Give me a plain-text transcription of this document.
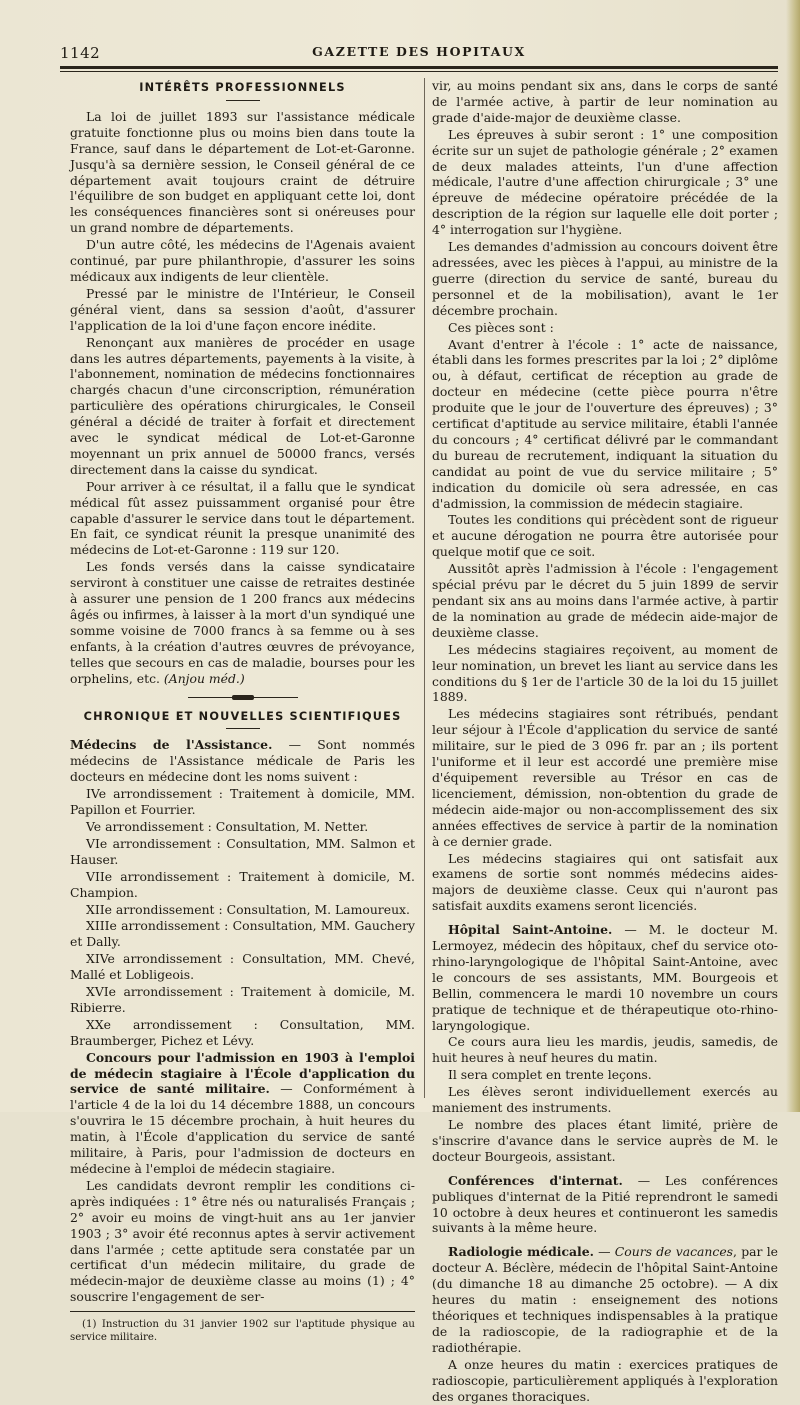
1142	GAZETTE DES HOPITAUX
INTÉRÊTS PROFESSIONNELS

La loi de juillet 1893 sur l'assistance médicale gratuite fonctionne plus ou moins bien dans toute la France, sauf dans le département de Lot-et-Garonne. Jusqu'à sa dernière session, le Conseil général de ce département avait toujours craint de détruire l'équilibre de son budget en appliquant cette loi, dont les conséquences financières sont si onéreuses pour un grand nombre de départements.

D'un autre côté, les médecins de l'Agenais avaient continué, par pure philanthropie, d'assurer les soins médicaux aux indigents de leur clientèle.

Pressé par le ministre de l'Intérieur, le Conseil général vient, dans sa session d'août, d'assurer l'application de la loi d'une façon encore inédite.

Renonçant aux manières de procéder en usage dans les autres départements, payements à la visite, à l'abonnement, nomination de médecins fonctionnaires chargés chacun d'une circonscription, rémunération particulière des opérations chirurgicales, le Conseil général a décidé de traiter à forfait et directement avec le syndicat médical de Lot-et-Garonne moyennant un prix annuel de 50000 francs, versés directement dans la caisse du syndicat.

Pour arriver à ce résultat, il a fallu que le syndicat médical fût assez puissamment organisé pour être capable d'assurer le service dans tout le département. En fait, ce syndicat réunit la presque unanimité des médecins de Lot-et-Garonne : 119 sur 120.

Les fonds versés dans la caisse syndicataire serviront à constituer une caisse de retraites destinée à assurer une pension de 1 200 francs aux médecins âgés ou infirmes, à laisser à la mort d'un syndiqué une somme voisine de 7000 francs à sa femme ou à ses enfants, à la création d'autres œuvres de prévoyance, telles que secours en cas de maladie, bourses pour les orphelins, etc. (Anjou méd.)

CHRONIQUE ET NOUVELLES SCIENTIFIQUES

Médecins de l'Assistance. — Sont nommés médecins de l'Assistance médicale de Paris les docteurs en médecine dont les noms suivent :

IVe arrondissement : Traitement à domicile, MM. Papillon et Fourrier.

Ve arrondissement : Consultation, M. Netter.

VIe arrondissement : Consultation, MM. Salmon et Hauser.

VIIe arrondissement : Traitement à domicile, M. Champion.

XIIe arrondissement : Consultation, M. Lamoureux.

XIIIe arrondissement : Consultation, MM. Gauchery et Dally.

XIVe arrondissement : Consultation, MM. Chevé, Mallé et Lobligeois.

XVIe arrondissement : Traitement à domicile, M. Ribierre.

XXe arrondissement : Consultation, MM. Braumberger, Pichez et Lévy.

Concours pour l'admission en 1903 à l'emploi de médecin stagiaire à l'École d'application du service de santé militaire. — Conformément à l'article 4 de la loi du 14 décembre 1888, un concours s'ouvrira le 15 décembre prochain, à huit heures du matin, à l'École d'application du service de santé militaire, à Paris, pour l'admission de docteurs en médecine à l'emploi de médecin stagiaire.

Les candidats devront remplir les conditions ci-après indiquées : 1° être nés ou naturalisés Français ; 2° avoir eu moins de vingt-huit ans au 1er janvier 1903 ; 3° avoir été reconnus aptes à servir activement dans l'armée ; cette aptitude sera constatée par un certificat d'un médecin militaire, du grade de médecin-major de deuxième classe au moins (1) ; 4° souscrire l'engagement de ser-

(1) Instruction du 31 janvier 1902 sur l'aptitude physique au service militaire.

vir, au moins pendant six ans, dans le corps de santé de l'armée active, à partir de leur nomination au grade d'aide-major de deuxième classe.

Les épreuves à subir seront : 1° une composition écrite sur un sujet de pathologie générale ; 2° examen de deux malades atteints, l'un d'une affection médicale, l'autre d'une affection chirurgicale ; 3° une épreuve de médecine opératoire précédée de la description de la région sur laquelle elle doit porter ; 4° interrogation sur l'hygiène.

Les demandes d'admission au concours doivent être adressées, avec les pièces à l'appui, au ministre de la guerre (direction du service de santé, bureau du personnel et de la mobilisation), avant le 1er décembre prochain.

Ces pièces sont :

Avant d'entrer à l'école : 1° acte de naissance, établi dans les formes prescrites par la loi ; 2° diplôme ou, à défaut, certificat de réception au grade de docteur en médecine (cette pièce pourra n'être produite que le jour de l'ouverture des épreuves) ; 3° certificat d'aptitude au service militaire, établi l'année du concours ; 4° certificat délivré par le commandant du bureau de recrutement, indiquant la situation du candidat au point de vue du service militaire ; 5° indication du domicile où sera adressée, en cas d'admission, la commission de médecin stagiaire.

Toutes les conditions qui précèdent sont de rigueur et aucune dérogation ne pourra être autorisée pour quelque motif que ce soit.

Aussitôt après l'admission à l'école : l'engagement spécial prévu par le décret du 5 juin 1899 de servir pendant six ans au moins dans l'armée active, à partir de la nomination au grade de médecin aide-major de deuxième classe.

Les médecins stagiaires reçoivent, au moment de leur nomination, un brevet les liant au service dans les conditions du § 1er de l'article 30 de la loi du 15 juillet 1889.

Les médecins stagiaires sont rétribués, pendant leur séjour à l'École d'application du service de santé militaire, sur le pied de 3 096 fr. par an ; ils portent l'uniforme et il leur est accordé une première mise d'équipement reversible au Trésor en cas de licenciement, démission, non-obtention du grade de médecin aide-major ou non-accomplissement des six années effectives de service à partir de la nomination à ce dernier grade.

Les médecins stagiaires qui ont satisfait aux examens de sortie sont nommés médecins aides-majors de deuxième classe. Ceux qui n'auront pas satisfait auxdits examens seront licenciés.

Hôpital Saint-Antoine. — M. le docteur M. Lermoyez, médecin des hôpitaux, chef du service oto-rhino-laryngologique de l'hôpital Saint-Antoine, avec le concours de ses assistants, MM. Bourgeois et Bellin, commencera le mardi 10 novembre un cours pratique de technique et de thérapeutique oto-rhino-laryngologique.

Ce cours aura lieu les mardis, jeudis, samedis, de huit heures à neuf heures du matin.

Il sera complet en trente leçons.

Les élèves seront individuellement exercés au maniement des instruments.

Le nombre des places étant limité, prière de s'inscrire d'avance dans le service auprès de M. le docteur Bourgeois, assistant.

Conférences d'internat. — Les conférences publiques d'internat de la Pitié reprendront le samedi 10 octobre à deux heures et continueront les samedis suivants à la même heure.

Radiologie médicale. — Cours de vacances, par le docteur A. Béclère, médecin de l'hôpital Saint-Antoine (du dimanche 18 au dimanche 25 octobre). — A dix heures du matin : enseignement des notions théoriques et techniques indispensables à la pratique de la radioscopie, de la radiographie et de la radiothérapie.

A onze heures du matin : exercices pratiques de radioscopie, particulièrement appliqués à l'exploration des organes thoraciques.
